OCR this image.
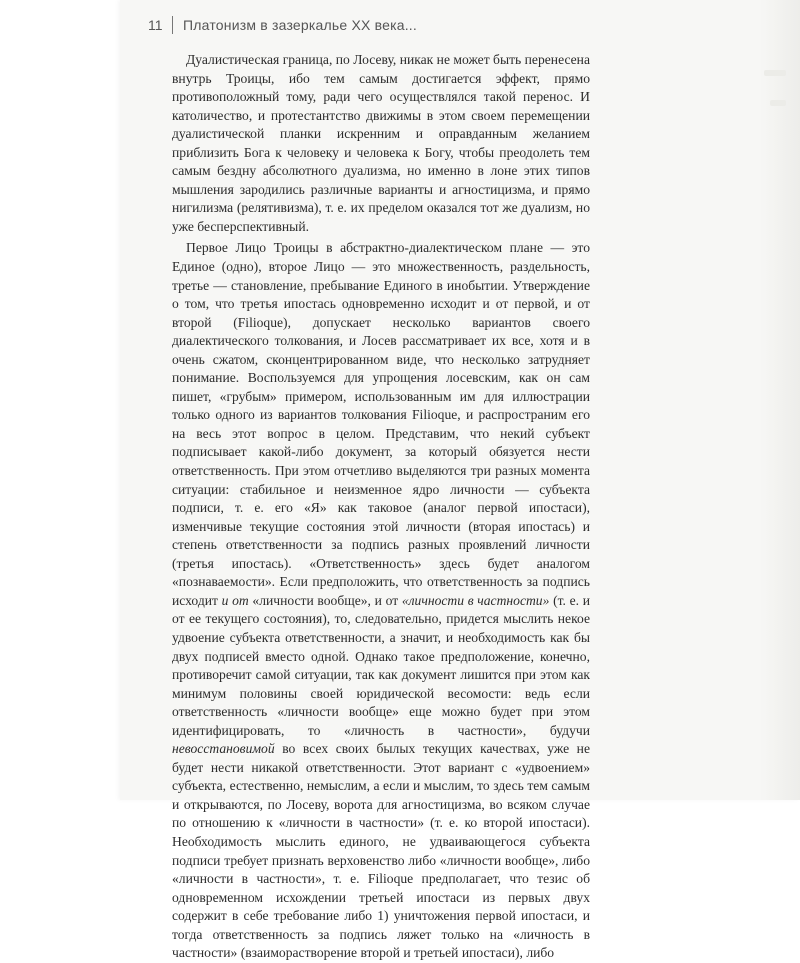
11 Платонизм в зазеркалье XX века...

Дуалистическая граница, по Лосеву, никак не может быть перенесена внутрь Троицы, ибо тем самым достигается эффект, прямо противоположный тому, ради чего осуществлялся такой перенос. И католичество, и протестантство движимы в этом своем перемещении дуалистической планки искренним и оправданным желанием приблизить Бога к человеку и человека к Богу, чтобы преодолеть тем самым бездну абсолютного дуализма, но именно в лоне этих типов мышления зародились различные варианты и агностицизма, и прямо нигилизма (релятивизма), т. е. их пределом оказался тот же дуализм, но уже бесперспективный.

Первое Лицо Троицы в абстрактно-диалектическом плане — это Единое (одно), второе Лицо — это множественность, раздельность, третье — становление, пребывание Единого в инобытии. Утверждение о том, что третья ипостась одновременно исходит и от первой, и от второй (Filioque), допускает несколько вариантов своего диалектического толкования, и Лосев рассматривает их все, хотя и в очень сжатом, сконцентрированном виде, что несколько затрудняет понимание. Воспользуемся для упрощения лосевским, как он сам пишет, «грубым» примером, использованным им для иллюстрации только одного из вариантов толкования Filioque, и распространим его на весь этот вопрос в целом. Представим, что некий субъект подписывает какой-либо документ, за который обязуется нести ответственность. При этом отчетливо выделяются три разных момента ситуации: стабильное и неизменное ядро личности — субъекта подписи, т. е. его «Я» как таковое (аналог первой ипостаси), изменчивые текущие состояния этой личности (вторая ипостась) и степень ответственности за подпись разных проявлений личности (третья ипостась). «Ответственность» здесь будет аналогом «познаваемости». Если предположить, что ответственность за подпись исходит и от «личности вообще», и от «личности в частности» (т. е. и от ее текущего состояния), то, следовательно, придется мыслить некое удвоение субъекта ответственности, а значит, и необходимость как бы двух подписей вместо одной. Однако такое предположение, конечно, противоречит самой ситуации, так как документ лишится при этом как минимум половины своей юридической весомости: ведь если ответственность «личности вообще» еще можно будет при этом идентифицировать, то «личность в частности», будучи невосстановимой во всех своих былых текущих качествах, уже не будет нести никакой ответственности. Этот вариант с «удвоением» субъекта, естественно, немыслим, а если и мыслим, то здесь тем самым и открываются, по Лосеву, ворота для агностицизма, во всяком случае по отношению к «личности в частности» (т. е. ко второй ипостаси). Необходимость мыслить единого, не удваивающегося субъекта подписи требует признать верховенство либо «личности вообще», либо «личности в частности», т. е. Filioque предполагает, что тезис об одновременном исхождении третьей ипостаси из первых двух содержит в себе требование либо 1) уничтожения первой ипостаси, и тогда ответственность за подпись ляжет только на «личность в частности» (взаиморастворение второй и третьей ипостаси), либо
